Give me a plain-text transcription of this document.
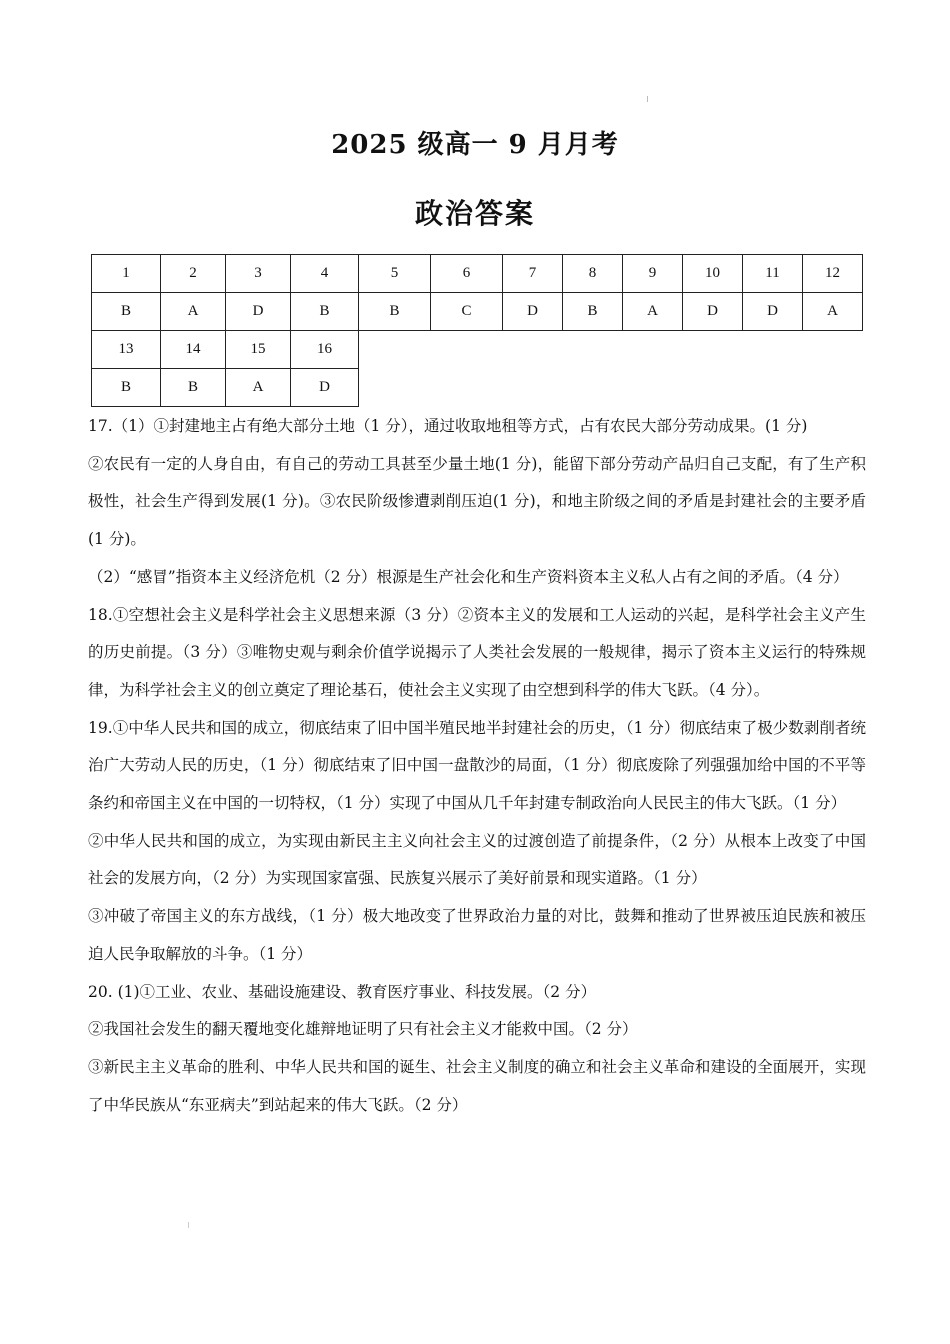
2025 级高一 9 月月考
政治答案
1	2	3	4	5	6	7	8	9	10	11	12
B	A	D	B	B	C	D	B	A	D	D	A
13	14	15	16								
B	B	A	D								

17.（1）①封建地主占有绝大部分土地（1 分），通过收取地租等方式，占有农民大部分劳动成果。(1 分)

②农民有一定的人身自由，有自己的劳动工具甚至少量土地(1 分)，能留下部分劳动产品归自己支配，有了生产积极性，社会生产得到发展(1 分)。③农民阶级惨遭剥削压迫(1 分)，和地主阶级之间的矛盾是封建社会的主要矛盾(1 分)。

（2）“感冒”指资本主义经济危机（2 分）根源是生产社会化和生产资料资本主义私人占有之间的矛盾。（4 分）

18.①空想社会主义是科学社会主义思想来源（3 分）②资本主义的发展和工人运动的兴起，是科学社会主义产生的历史前提。（3 分）③唯物史观与剩余价值学说揭示了人类社会发展的一般规律，揭示了资本主义运行的特殊规律，为科学社会主义的创立奠定了理论基石，使社会主义实现了由空想到科学的伟大飞跃。（4 分）。

19.①中华人民共和国的成立，彻底结束了旧中国半殖民地半封建社会的历史，（1 分）彻底结束了极少数剥削者统治广大劳动人民的历史，（1 分）彻底结束了旧中国一盘散沙的局面，（1 分）彻底废除了列强强加给中国的不平等条约和帝国主义在中国的一切特权，（1 分）实现了中国从几千年封建专制政治向人民民主的伟大飞跃。（1 分）

②中华人民共和国的成立，为实现由新民主主义向社会主义的过渡创造了前提条件，（2 分）从根本上改变了中国社会的发展方向，（2 分）为实现国家富强、民族复兴展示了美好前景和现实道路。（1 分）

③冲破了帝国主义的东方战线，（1 分）极大地改变了世界政治力量的对比，鼓舞和推动了世界被压迫民族和被压迫人民争取解放的斗争。（1 分）

20. (1)①工业、农业、基础设施建设、教育医疗事业、科技发展。（2 分）

②我国社会发生的翻天覆地变化雄辩地证明了只有社会主义才能救中国。（2 分）

③新民主主义革命的胜利、中华人民共和国的诞生、社会主义制度的确立和社会主义革命和建设的全面展开，实现了中华民族从“东亚病夫”到站起来的伟大飞跃。（2 分）
